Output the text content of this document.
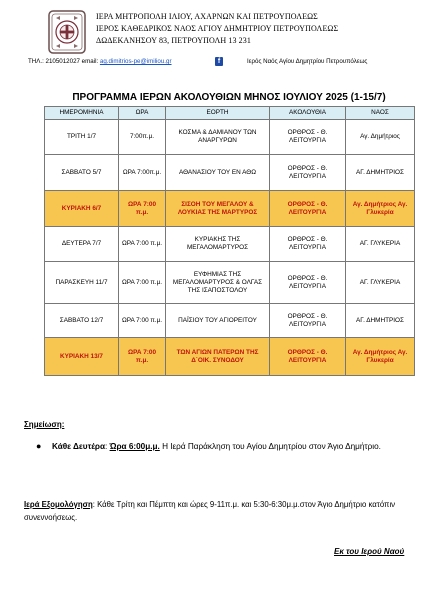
ΙΕΡΑ ΜΗΤΡΟΠΟΛΗ ΙΛΙΟΥ, ΑΧΑΡΝΩΝ ΚΑΙ ΠΕΤΡΟΥΠΟΛΕΩΣ
ΙΕΡΟΣ ΚΑΘΕΔΡΙΚΟΣ ΝΑΟΣ ΑΓΙΟΥ ΔΗΜΗΤΡΙΟΥ ΠΕΤΡΟΥΠΟΛΕΩΣ
ΔΩΔΕΚΑΝΗΣΟΥ 83, ΠΕΤΡΟΥΠΟΛΗ 13 231
ΤΗΛ.: 2105012027 email: ag.dimitrios-pe@imiliou.gr	Ιερός Ναός Αγίου Δημητρίου Πετρουπόλεως
f
ΠΡΟΓΡΑΜΜΑ ΙΕΡΩΝ ΑΚΟΛΟΥΘΙΩΝ ΜΗΝΟΣ ΙΟΥΛΙΟΥ 2025 (1-15/7)
ΗΜΕΡΟΜΗΝΙΑ	ΩΡΑ	ΕΟΡΤΗ	ΑΚΟΛΟΥΘΙΑ	ΝΑΟΣ
ΤΡΙΤΗ 1/7	7:00π.μ.	ΚΟΣΜΑ & ΔΑΜΙΑΝΟΥ ΤΩΝ ΑΝΑΡΓΥΡΩΝ	ΟΡΘΡΟΣ - Θ. ΛΕΙΤΟΥΡΓΙΑ	Αγ. Δημήτριος
ΣΑΒΒΑΤΟ 5/7	ΩΡΑ 7:00π.μ.	ΑΘΑΝΑΣΙΟΥ ΤΟΥ ΕΝ ΑΘΩ	ΟΡΘΡΟΣ - Θ. ΛΕΙΤΟΥΡΓΙΑ	ΑΓ. ΔΗΜΗΤΡΙΟΣ
ΚΥΡΙΑΚΗ 6/7	ΩΡΑ 7:00 π.μ.	ΣΙΣΟΗ ΤΟΥ ΜΕΓΑΛΟΥ & ΛΟΥΚΙΑΣ ΤΗΣ ΜΑΡΤΥΡΟΣ	ΟΡΘΡΟΣ - Θ. ΛΕΙΤΟΥΡΓΙΑ	Αγ. Δημήτριος Αγ. Γλυκερία
ΔΕΥΤΕΡΑ 7/7	ΩΡΑ 7:00 π.μ.	ΚΥΡΙΑΚΗΣ ΤΗΣ ΜΕΓΑΛΟΜΑΡΤΥΡΟΣ	ΟΡΘΡΟΣ - Θ. ΛΕΙΤΟΥΡΓΙΑ	ΑΓ. ΓΛΥΚΕΡΙΑ
ΠΑΡΑΣΚΕΥΗ 11/7	ΩΡΑ 7:00 π.μ.	ΕΥΦΗΜΙΑΣ ΤΗΣ ΜΕΓΑΛΟΜΑΡΤΥΡΟΣ & ΟΛΓΑΣ ΤΗΣ ΙΣΑΠΟΣΤΟΛΟΥ	ΟΡΘΡΟΣ - Θ. ΛΕΙΤΟΥΡΓΙΑ	ΑΓ. ΓΛΥΚΕΡΙΑ
ΣΑΒΒΑΤΟ 12/7	ΩΡΑ 7:00 π.μ.	ΠΑΪΣΙΟΥ ΤΟΥ ΑΓΙΟΡΕΙΤΟΥ	ΟΡΘΡΟΣ - Θ. ΛΕΙΤΟΥΡΓΙΑ	ΑΓ. ΔΗΜΗΤΡΙΟΣ
ΚΥΡΙΑΚΗ 13/7	ΩΡΑ 7:00 π.μ.	ΤΩΝ ΑΓΙΩΝ ΠΑΤΕΡΩΝ ΤΗΣ Δ΄ΟΙΚ. ΣΥΝΟΔΟΥ	ΟΡΘΡΟΣ - Θ. ΛΕΙΤΟΥΡΓΙΑ	Αγ. Δημήτριος Αγ. Γλυκερία
Σημείωση:
● Κάθε Δευτέρα: Ώρα 6:00μ.μ. Η Ιερά Παράκληση του Αγίου Δημητρίου στον Άγιο Δημήτριο.
Ιερά Εξομολόγηση: Κάθε Τρίτη και Πέμπτη και ώρες 9-11π.μ. και 5:30-6:30μ.μ.στον Άγιο Δημήτριο κατόπιν συνεννοήσεως.
Εκ του Ιερού Ναού
